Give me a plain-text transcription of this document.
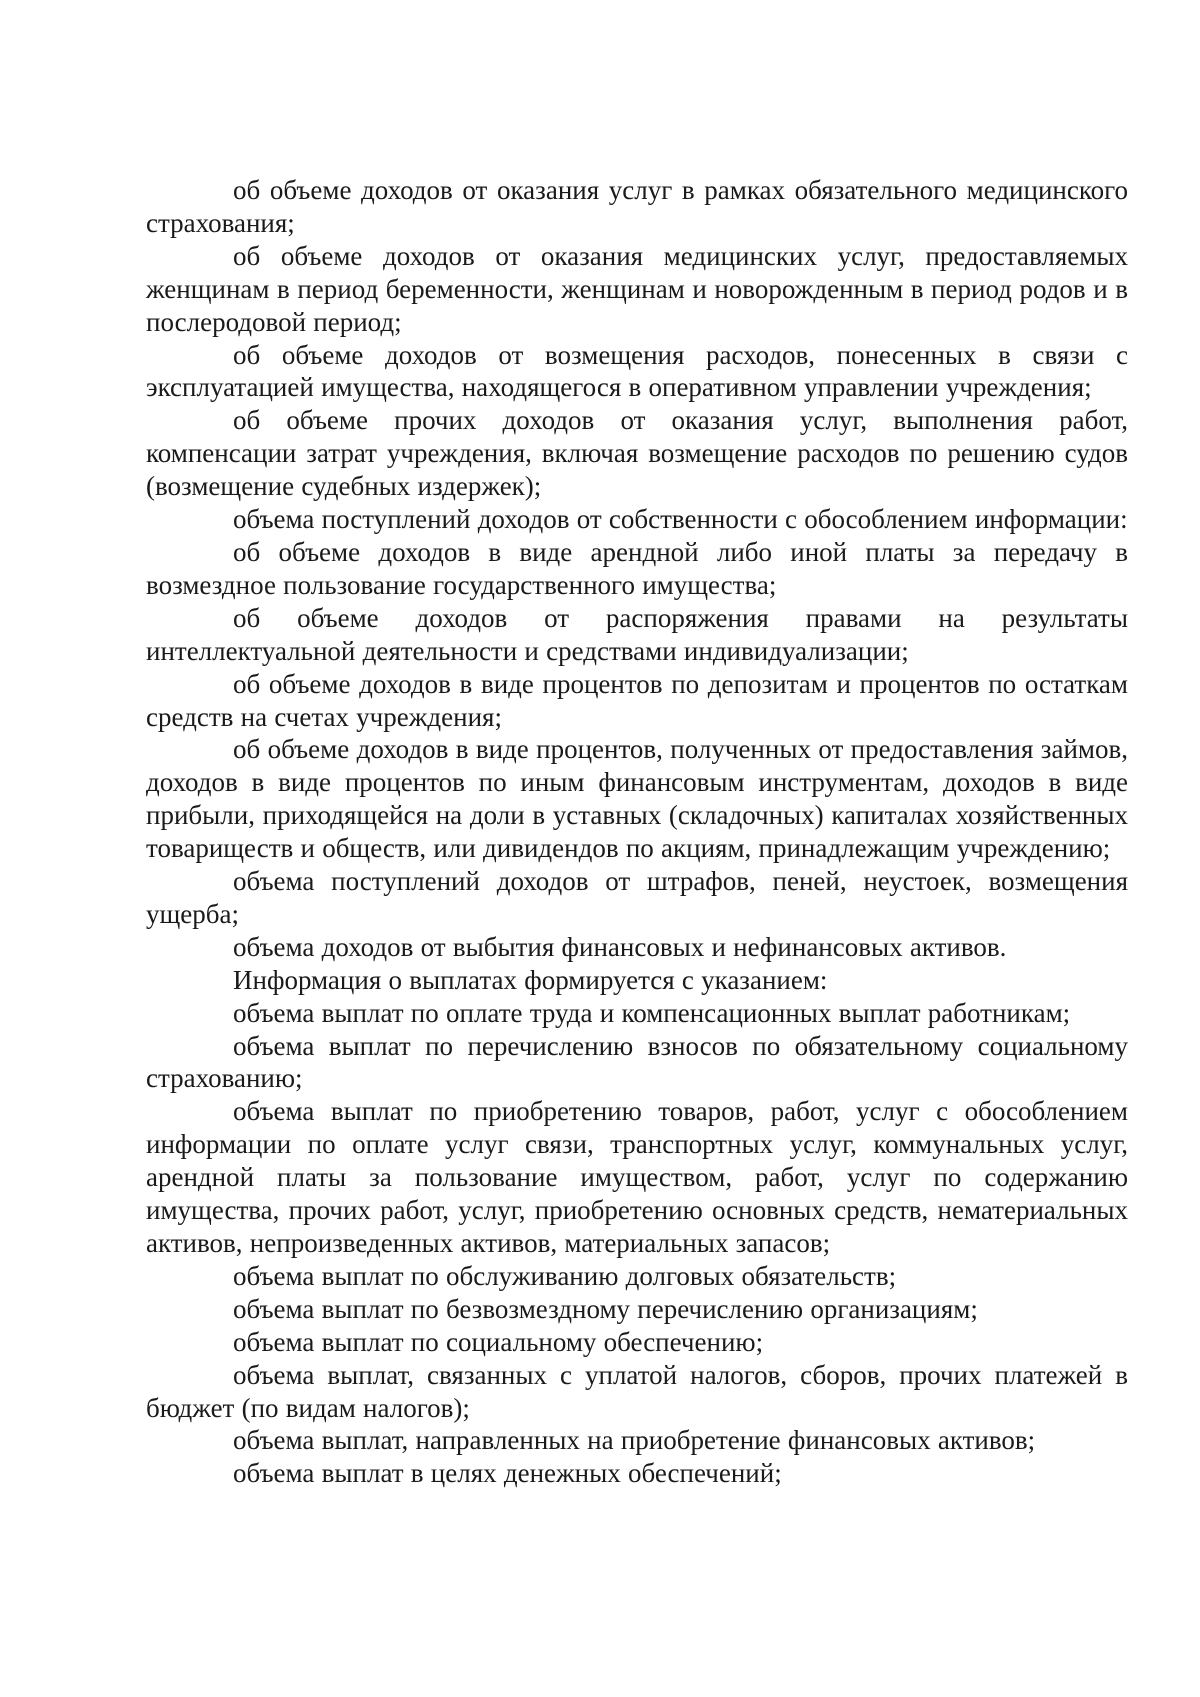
об объеме доходов от оказания услуг в рамках обязательного медицинского страхования;

об объеме доходов от оказания медицинских услуг, предоставляемых женщинам в период беременности, женщинам и новорожденным в период родов и в послеродовой период;

об объеме доходов от возмещения расходов, понесенных в связи с эксплуатацией имущества, находящегося в оперативном управлении учреждения;

об объеме прочих доходов от оказания услуг, выполнения работ, компенсации затрат учреждения, включая возмещение расходов по решению судов (возмещение судебных издержек);

объема поступлений доходов от собственности с обособлением информации:

об объеме доходов в виде арендной либо иной платы за передачу в возмездное пользование государственного имущества;

об объеме доходов от распоряжения правами на результаты интеллектуальной деятельности и средствами индивидуализации;

об объеме доходов в виде процентов по депозитам и процентов по остаткам средств на счетах учреждения;

об объеме доходов в виде процентов, полученных от предоставления займов, доходов в виде процентов по иным финансовым инструментам, доходов в виде прибыли, приходящейся на доли в уставных (складочных) капиталах хозяйственных товариществ и обществ, или дивидендов по акциям, принадлежащим учреждению;

объема поступлений доходов от штрафов, пеней, неустоек, возмещения ущерба;

объема доходов от выбытия финансовых и нефинансовых активов.

Информация о выплатах формируется с указанием:

объема выплат по оплате труда и компенсационных выплат работникам;

объема выплат по перечислению взносов по обязательному социальному страхованию;

объема выплат по приобретению товаров, работ, услуг с обособлением информации по оплате услуг связи, транспортных услуг, коммунальных услуг, арендной платы за пользование имуществом, работ, услуг по содержанию имущества, прочих работ, услуг, приобретению основных средств, нематериальных активов, непроизведенных активов, материальных запасов;

объема выплат по обслуживанию долговых обязательств;

объема выплат по безвозмездному перечислению организациям;

объема выплат по социальному обеспечению;

объема выплат, связанных с уплатой налогов, сборов, прочих платежей в бюджет (по видам налогов);

объема выплат, направленных на приобретение финансовых активов;

объема выплат в целях денежных обеспечений;
